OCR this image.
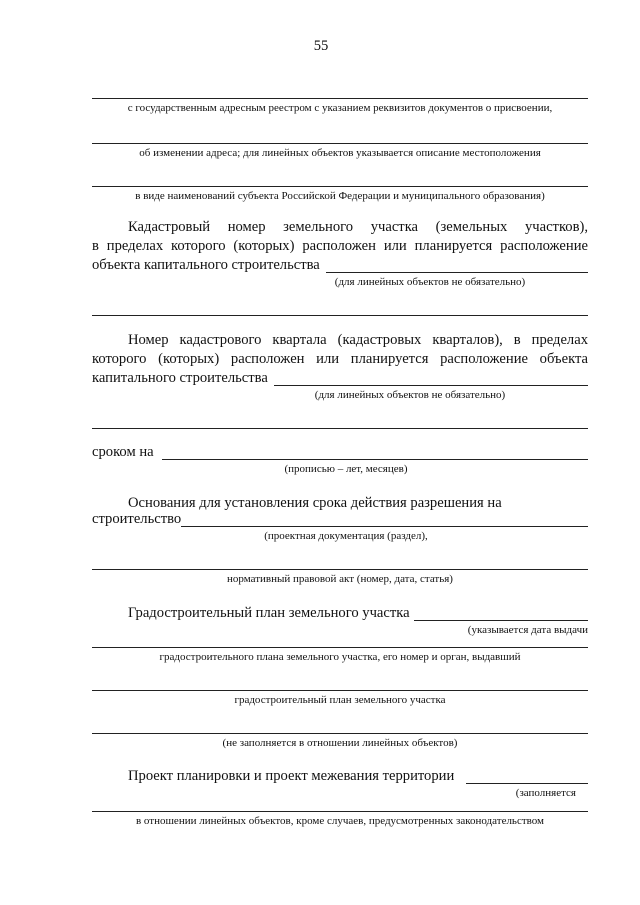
55
с государственным адресным реестром с указанием реквизитов документов о присвоении,
об изменении адреса; для линейных объектов указывается описание местоположения
в виде наименований субъекта Российской Федерации и муниципального образования)
Кадастровый номер земельного участка (земельных участков),
в пределах которого (которых) расположен или планируется расположение
объекта капитального строительства
(для линейных объектов не обязательно)
Номер кадастрового квартала (кадастровых кварталов), в пределах
которого (которых) расположен или планируется расположение объекта
капитального строительства
(для линейных объектов не обязательно)
сроком на
(прописью – лет, месяцев)
Основания для установления срока действия разрешения на
строительство
(проектная документация (раздел),
нормативный правовой акт (номер, дата, статья)
Градостроительный план земельного участка
(указывается дата выдачи
градостроительного плана земельного участка, его номер и орган, выдавший
градостроительный план земельного участка
(не заполняется в отношении линейных объектов)
Проект планировки и проект межевания территории
(заполняется
в отношении линейных объектов, кроме случаев, предусмотренных законодательством
